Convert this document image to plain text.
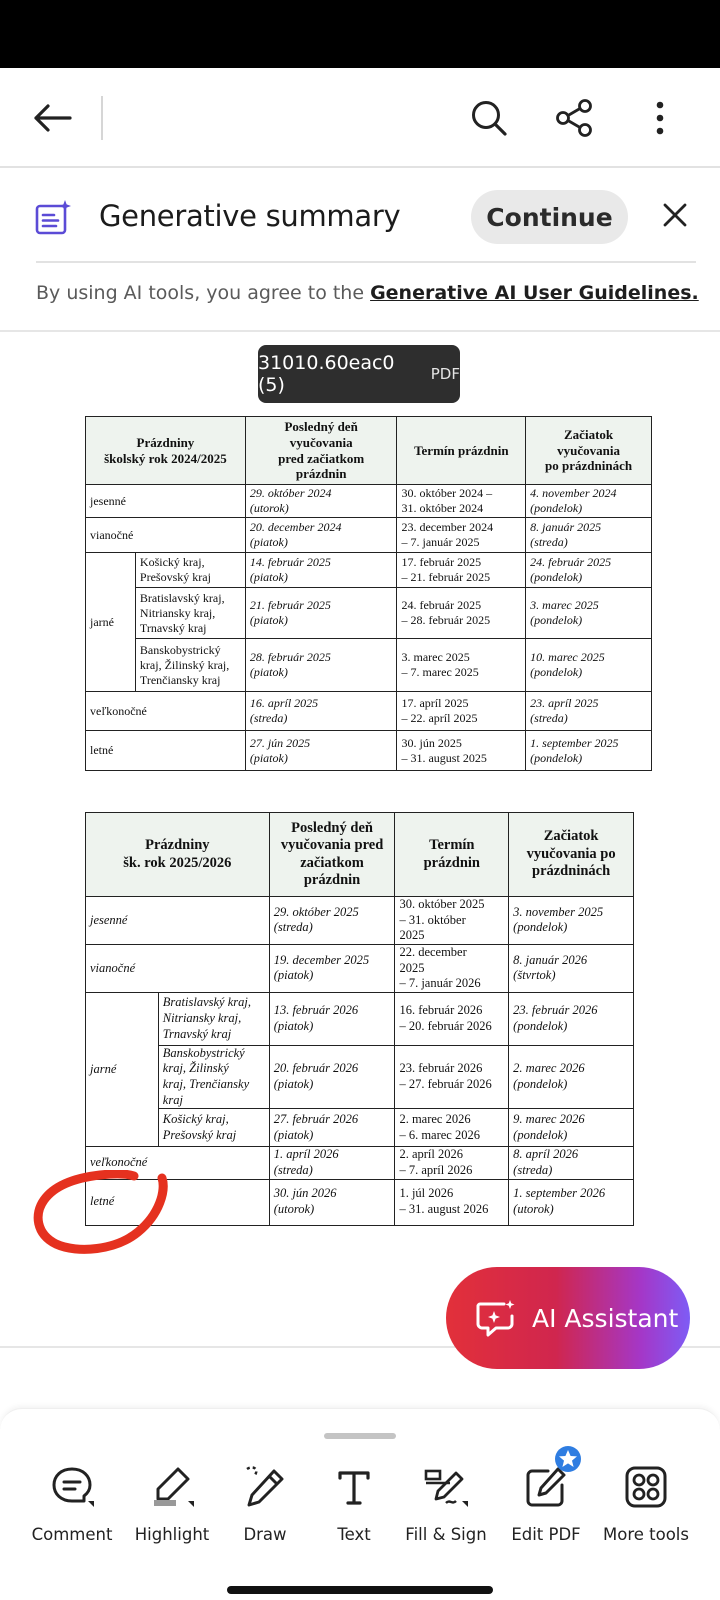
Generative summary	Continue
By using AI tools, you agree to the Generative AI User Guidelines.
31010.60eac0 (5)	PDF
Prázdniny
školský rok 2024/2025		Posledný deň
vyučovania
pred začiatkom
prázdnin	Termín prázdnin	Začiatok
vyučovania
po prázdninách

jesenné		29. október 2024
(utorok)	30. október 2024 –
31. október 2024	4. november 2024
(pondelok)

vianočné		20. december 2024
(piatok)	23. december 2024
– 7. január 2025	8. január 2025
(streda)

jarné	Košický kraj,
Prešovský kraj	14. február 2025
(piatok)	17. február 2025
– 21. február 2025	24. február 2025
(pondelok)

	Bratislavský kraj,
Nitriansky kraj,
Trnavský kraj	21. február 2025
(piatok)	24. február 2025
– 28. február 2025	3. marec 2025
(pondelok)

	Banskobystrický
kraj, Žilinský kraj,
Trenčiansky kraj	28. február 2025
(piatok)	3. marec 2025
– 7. marec 2025	10. marec 2025
(pondelok)

veľkonočné		16. apríl 2025
(streda)	17. apríl 2025
– 22. apríl 2025	23. apríl 2025
(streda)

letné		27. jún 2025
(piatok)	30. jún 2025
– 31. august 2025	1. september 2025
(pondelok)
Prázdniny
šk. rok 2025/2026		Posledný deň
vyučovania pred
začiatkom
prázdnin	Termín
prázdnin	Začiatok
vyučovania po
prázdninách

jesenné		29. október 2025
(streda)	30. október 2025
– 31. október
2025	3. november 2025
(pondelok)

vianočné		19. december 2025
(piatok)	22. december
2025
– 7. január 2026	8. január 2026
(štvrtok)

jarné	Bratislavský kraj,
Nitriansky kraj,
Trnavský kraj	13. február 2026
(piatok)	16. február 2026
– 20. február 2026	23. február 2026
(pondelok)

	Banskobystrický
kraj, Žilinský
kraj, Trenčiansky
kraj	20. február 2026
(piatok)	23. február 2026
– 27. február 2026	2. marec 2026
(pondelok)

	Košický kraj,
Prešovský kraj	27. február 2026
(piatok)	2. marec 2026
– 6. marec 2026	9. marec 2026
(pondelok)

veľkonočné		1. apríl 2026
(streda)	2. apríl 2026
– 7. apríl 2026	8. apríl 2026
(streda)

letné		30. jún 2026
(utorok)	1. júl 2026
– 31. august 2026	1. september 2026
(utorok)
AI Assistant
Comment	Highlight	Draw	Text	Fill & Sign	Edit PDF	More tools
